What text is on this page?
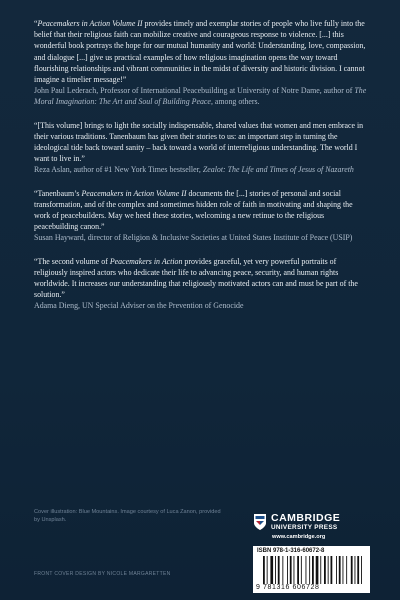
“Peacemakers in Action Volume II provides timely and exemplar stories of people who live fully into the belief that their religious faith can mobilize creative and courageous response to violence. [...] this wonderful book portrays the hope for our mutual humanity and world: Understanding, love, compassion, and dialogue [...] give us practical examples of how religious imagination opens the way toward flourishing relationships and vibrant communities in the midst of diversity and historic division. I cannot imagine a timelier message!”

John Paul Lederach, Professor of International Peacebuilding at University of Notre Dame, author of The Moral Imagination: The Art and Soul of Building Peace, among others.

“[This volume] brings to light the socially indispensable, shared values that women and men embrace in their various traditions. Tanenbaum has given their stories to us: an important step in turning the ideological tide back toward sanity – back toward a world of interreligious understanding. The world I want to live in.”

Reza Aslan, author of #1 New York Times bestseller, Zealot: The Life and Times of Jesus of Nazareth

“Tanenbaum’s Peacemakers in Action Volume II documents the [...] stories of personal and social transformation, and of the complex and sometimes hidden role of faith in motivating and shaping the work of peacebuilders. May we heed these stories, welcoming a new retinue to the religious peacebuilding canon.”

Susan Hayward, director of Religion & Inclusive Societies at United States Institute of Peace (USIP)

“The second volume of Peacemakers in Action provides graceful, yet very powerful portraits of religiously inspired actors who dedicate their life to advancing peace, security, and human rights worldwide. It increases our understanding that religiously motivated actors can and must be part of the solution.”

Adama Dieng, UN Special Adviser on the Prevention of Genocide

Cover illustration: Blue Mountains. Image courtesy of Luca Zanon, provided by Unsplash.

FRONT COVER DESIGN BY NICOLE MARGARETTEN

CAMBRIDGE
UNIVERSITY PRESS
www.cambridge.org
ISBN 978-1-316-60672-8
9 781316 606728
